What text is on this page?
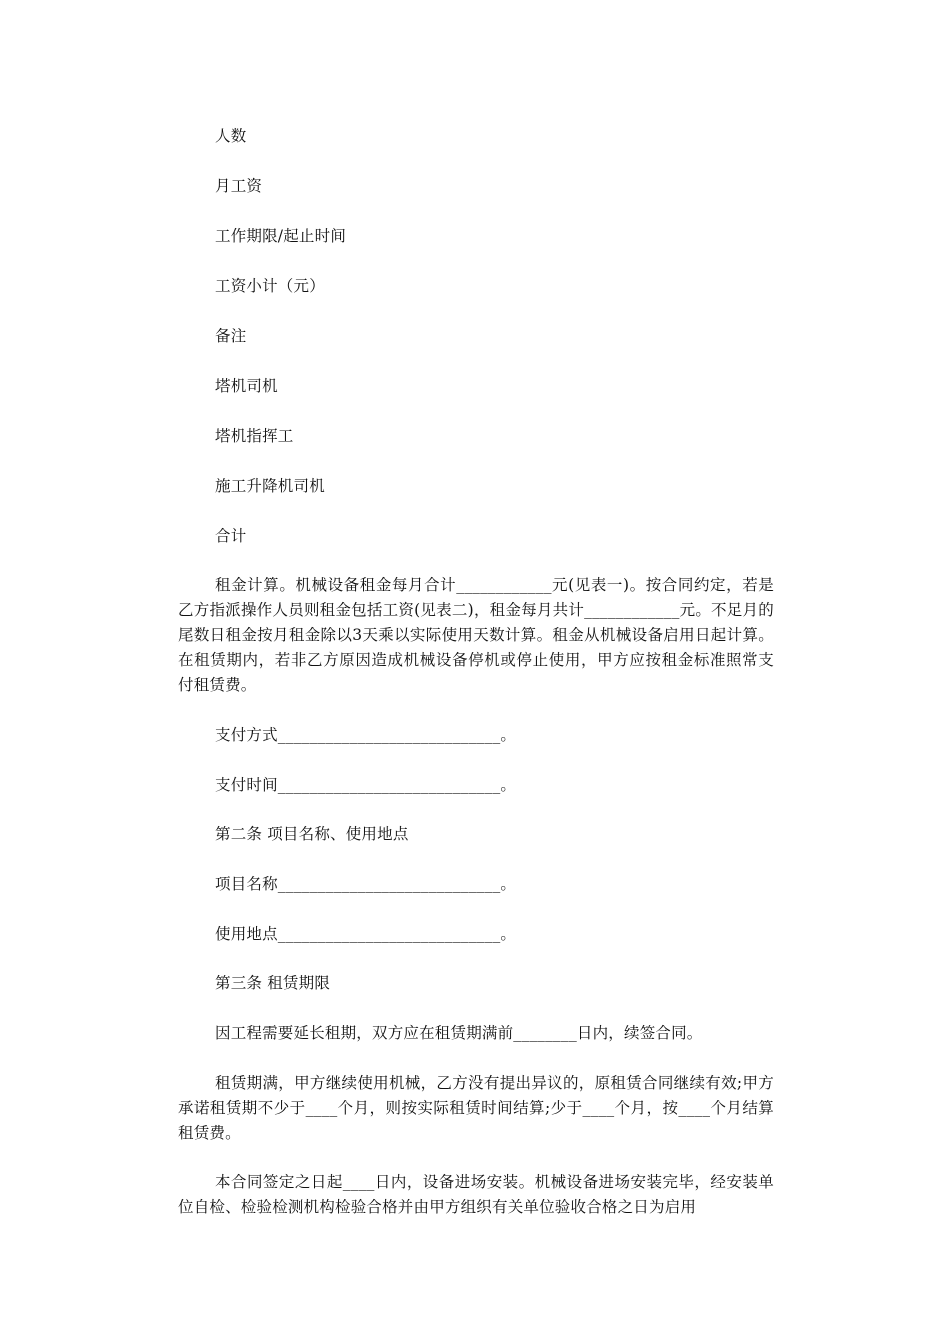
人数

月工资

工作期限/起止时间

工资小计（元）

备注

塔机司机

塔机指挥工

施工升降机司机

合计

租金计算。机械设备租金每月合计____________元(见表一)。按合同约定，若是乙方指派操作人员则租金包括工资(见表二)，租金每月共计____________元。不足月的尾数日租金按月租金除以3天乘以实际使用天数计算。租金从机械设备启用日起计算。在租赁期内，若非乙方原因造成机械设备停机或停止使用，甲方应按租金标准照常支付租赁费。

支付方式____________________________。

支付时间____________________________。

第二条 项目名称、使用地点

项目名称____________________________。

使用地点____________________________。

第三条 租赁期限

因工程需要延长租期，双方应在租赁期满前________日内，续签合同。

租赁期满，甲方继续使用机械，乙方没有提出异议的，原租赁合同继续有效;甲方承诺租赁期不少于____个月，则按实际租赁时间结算;少于____个月，按____个月结算租赁费。

本合同签定之日起____日内，设备进场安装。机械设备进场安装完毕，经安装单位自检、检验检测机构检验合格并由甲方组织有关单位验收合格之日为启用
